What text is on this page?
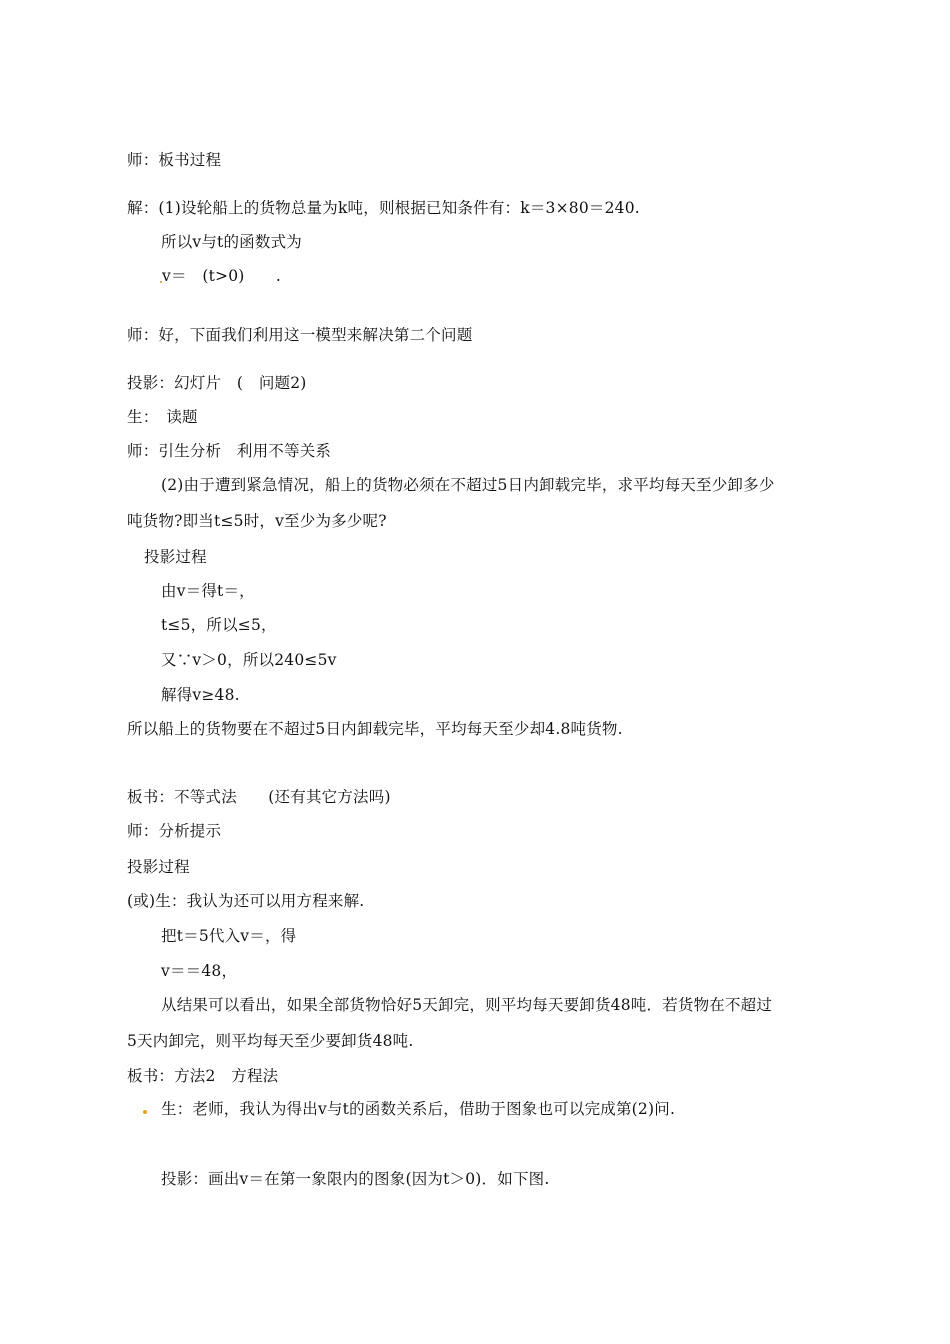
师：板书过程
解：(1)设轮船上的货物总量为k吨，则根据已知条件有：k＝3×80＝240.
所以v与t的函数式为
v＝　(t>0)　　.
师：好，下面我们利用这一模型来解决第二个问题
投影：幻灯片　(　问题2)
生：　读题
师：引生分析　利用不等关系
(2)由于遭到紧急情况，船上的货物必须在不超过5日内卸载完毕，求平均每天至少卸多少
吨货物?即当t≤5时，v至少为多少呢?
投影过程
由v＝得t＝，
t≤5，所以≤5，
又∵v＞0，所以240≤5v
解得v≥48.
所以船上的货物要在不超过5日内卸载完毕，平均每天至少却4.8吨货物.
板书：不等式法　　(还有其它方法吗)
师：分析提示
投影过程
(或)生：我认为还可以用方程来解.
把t＝5代入v＝，得
v＝＝48，
从结果可以看出，如果全部货物恰好5天卸完，则平均每天要卸货48吨．若货物在不超过
5天内卸完，则平均每天至少要卸货48吨.
板书：方法2　方程法
生：老师，我认为得出v与t的函数关系后，借助于图象也可以完成第(2)问.
投影：画出v＝在第一象限内的图象(因为t＞0)．如下图.
